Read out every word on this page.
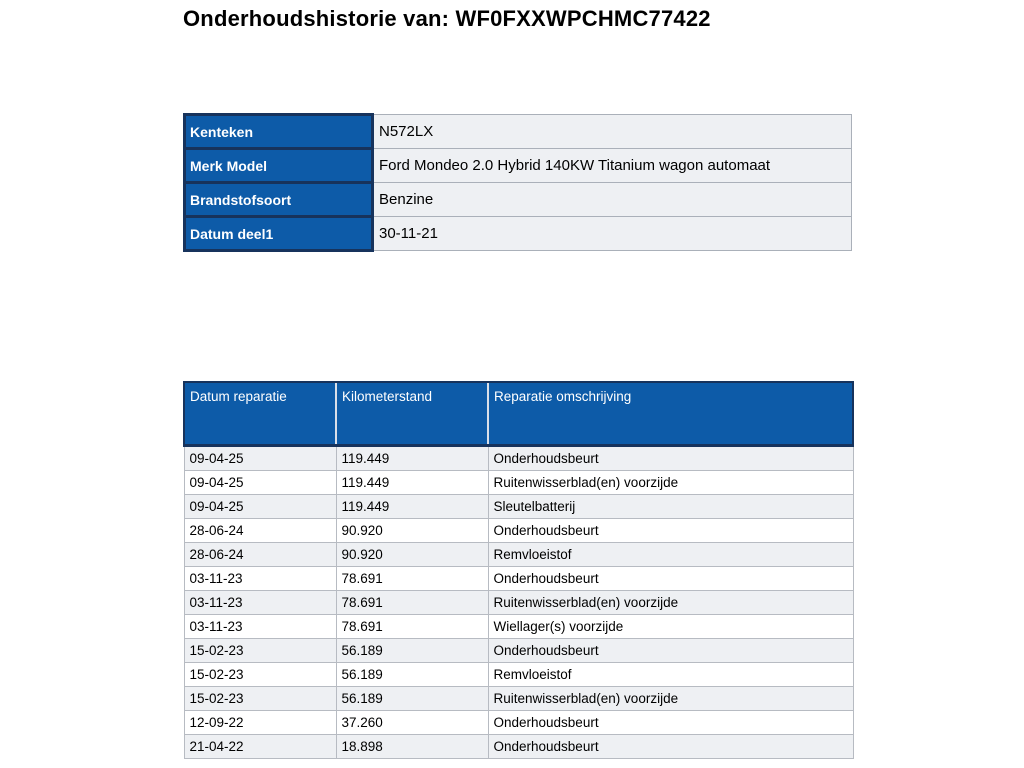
Onderhoudshistorie van: WF0FXXWPCHMC77422
Kenteken	N572LX
Merk Model	Ford Mondeo 2.0 Hybrid 140KW Titanium wagon automaat
Brandstofsoort	Benzine
Datum deel1	30-11-21
Datum reparatie	Kilometerstand	Reparatie omschrijving
09-04-25	119.449	Onderhoudsbeurt
09-04-25	119.449	Ruitenwisserblad(en) voorzijde
09-04-25	119.449	Sleutelbatterij
28-06-24	90.920	Onderhoudsbeurt
28-06-24	90.920	Remvloeistof
03-11-23	78.691	Onderhoudsbeurt
03-11-23	78.691	Ruitenwisserblad(en) voorzijde
03-11-23	78.691	Wiellager(s) voorzijde
15-02-23	56.189	Onderhoudsbeurt
15-02-23	56.189	Remvloeistof
15-02-23	56.189	Ruitenwisserblad(en) voorzijde
12-09-22	37.260	Onderhoudsbeurt
21-04-22	18.898	Onderhoudsbeurt
